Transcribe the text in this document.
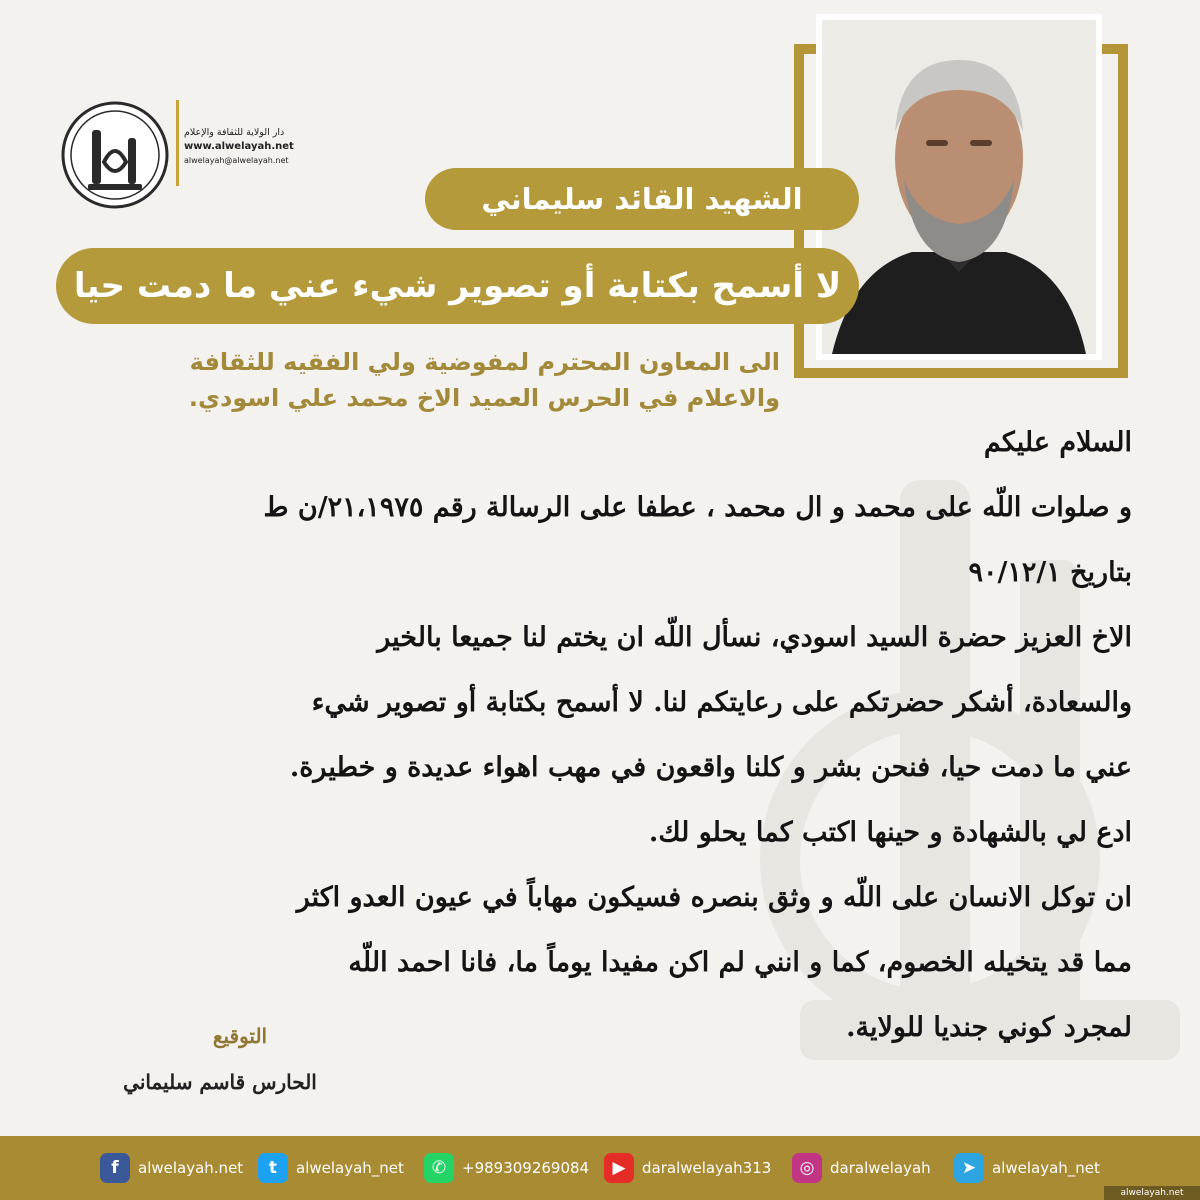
دار الولاية للثقافة والإعلام
www.alwelayah.net
alwelayah@alwelayah.net
الشهيد القائد سليماني
لا أسمح بكتابة أو تصوير شيء عني ما دمت حيا
الى المعاون المحترم لمفوضية ولي الفقيه للثقافة
والاعلام في الحرس العميد الاخ محمد علي اسودي.

السلام عليكم

و صلوات اللّه على محمد و ال محمد ، عطفا على الرسالة رقم ٢١،١٩٧٥/ن ط

بتاريخ ٩٠/١٢/١

الاخ العزيز حضرة السيد اسودي، نسأل اللّه ان يختم لنا جميعا بالخير

والسعادة، أشكر حضرتكم على رعايتكم لنا. لا أسمح بكتابة أو تصوير شيء

عني ما دمت حيا، فنحن بشر و كلنا واقعون في مهب اهواء عديدة و خطيرة.

ادع لي بالشهادة و حينها اكتب كما يحلو لك.

ان توكل الانسان على اللّه و وثق بنصره فسيكون مهاباً في عيون العدو اكثر

مما قد يتخيله الخصوم، كما و انني لم اكن مفيدا يوماً ما، فانا احمد اللّه

لمجرد كوني جنديا للولاية.

التوقيع
الحارس قاسم سليماني
f	alwelayah.net	t	alwelayah_net	✆	+989309269084	▶	daralwelayah313	◎	daralwelayah	➤	alwelayah_net
alwelayah.net
